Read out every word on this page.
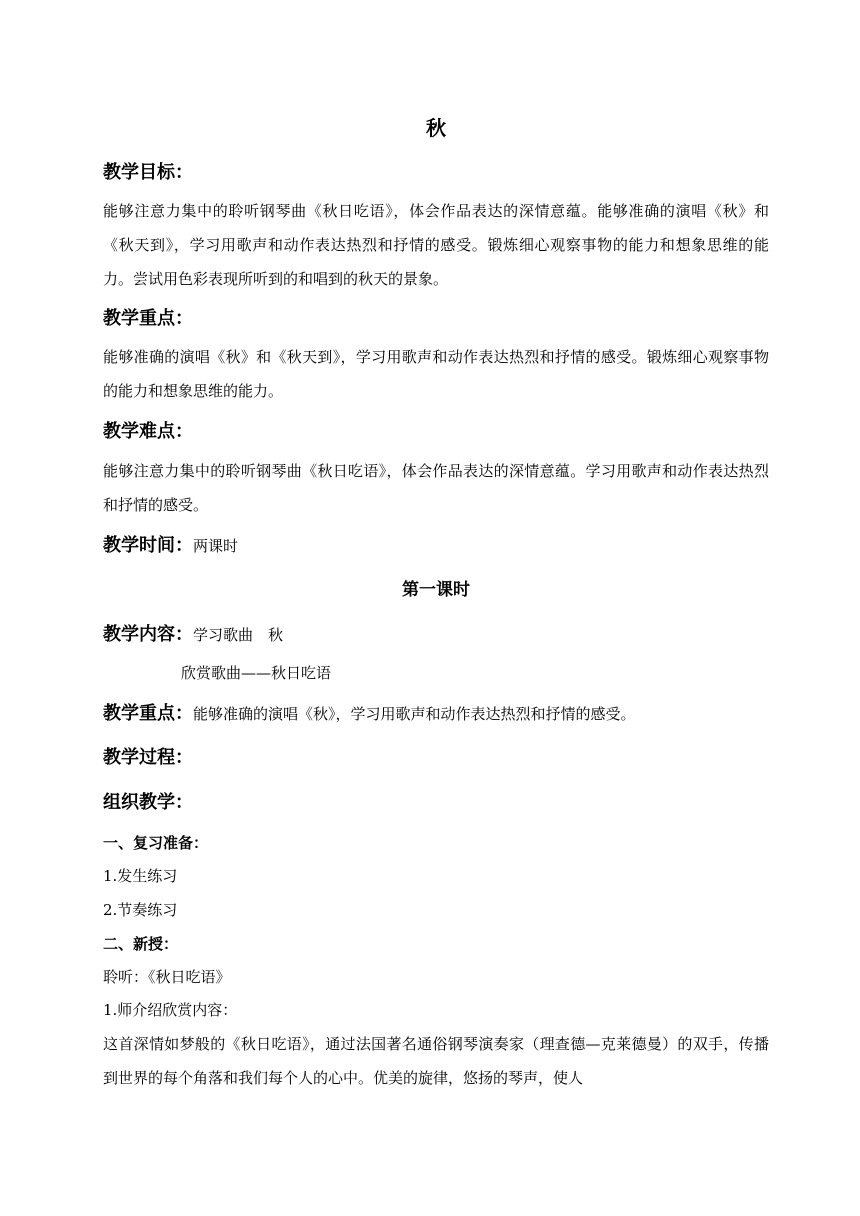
秋
教学目标：
能够注意力集中的聆听钢琴曲《秋日吃语》，体会作品表达的深情意蕴。能够准确的演唱《秋》和《秋天到》，学习用歌声和动作表达热烈和抒情的感受。锻炼细心观察事物的能力和想象思维的能力。尝试用色彩表现所听到的和唱到的秋天的景象。
教学重点：
能够准确的演唱《秋》和《秋天到》，学习用歌声和动作表达热烈和抒情的感受。锻炼细心观察事物的能力和想象思维的能力。
教学难点：
能够注意力集中的聆听钢琴曲《秋日吃语》，体会作品表达的深情意蕴。学习用歌声和动作表达热烈和抒情的感受。
教学时间：两课时
第一课时
教学内容：学习歌曲　秋
欣赏歌曲——秋日吃语
教学重点：能够准确的演唱《秋》，学习用歌声和动作表达热烈和抒情的感受。
教学过程：
组织教学：
一、复习准备：
1.发生练习
2.节奏练习
二、新授：
聆听：《秋日吃语》
1.师介绍欣赏内容：
这首深情如梦般的《秋日吃语》，通过法国著名通俗钢琴演奏家（理查德—克莱德曼）的双手，传播到世界的每个角落和我们每个人的心中。优美的旋律，悠扬的琴声，使人
